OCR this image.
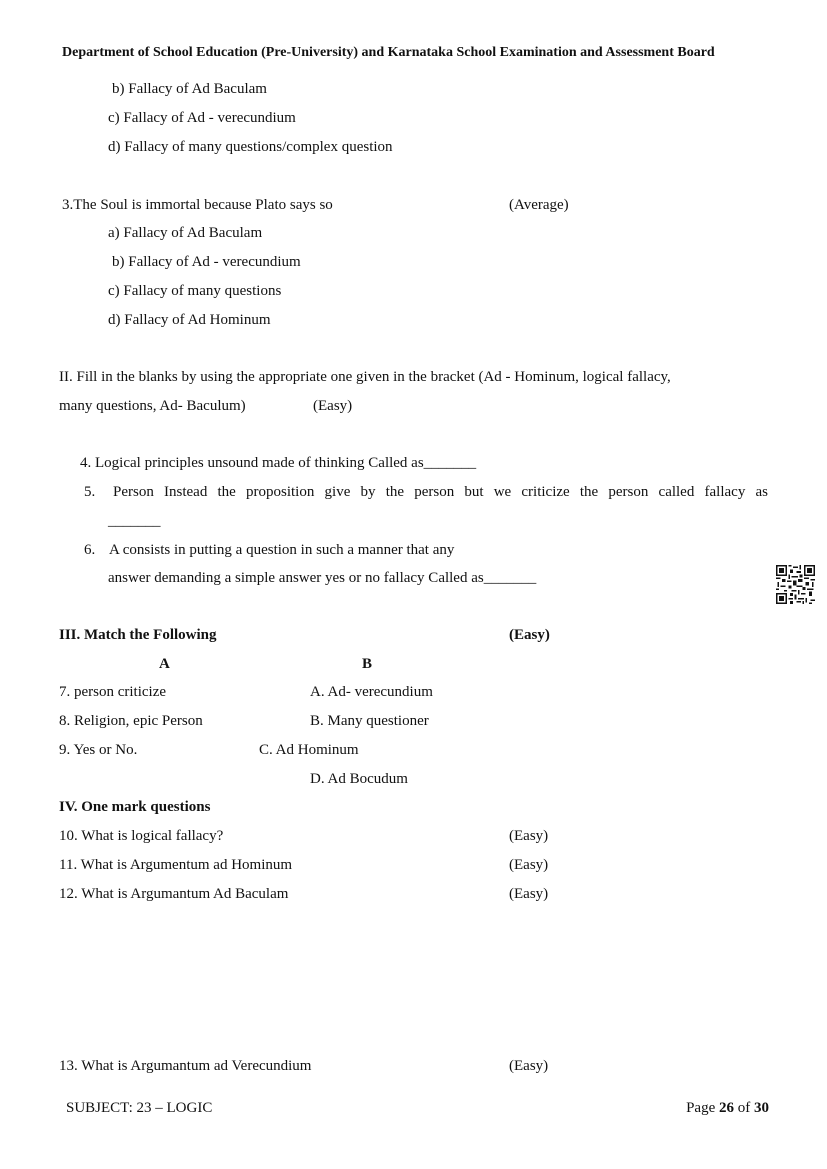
Department of School Education (Pre-University) and Karnataka School Examination and Assessment Board
b) Fallacy of Ad Baculam
c) Fallacy of Ad - verecundium
d) Fallacy of many questions/complex question
3.The Soul is immortal because Plato says so	(Average)
a) Fallacy of Ad Baculam
b) Fallacy of Ad - verecundium
c) Fallacy of many questions
d) Fallacy of Ad Hominum
II. Fill in the blanks by using the appropriate one given in the bracket (Ad - Hominum, logical fallacy,
many questions, Ad- Baculum)	(Easy)
4. Logical principles unsound made of thinking Called as_______
5. Person Instead the proposition give by the person but we criticize the person called fallacy as
_______
6. A consists in putting a question in such a manner that any
answer demanding a simple answer yes or no fallacy Called as_______
III. Match the Following	(Easy)
A	B
7. person criticize	A. Ad- verecundium
8. Religion, epic Person	B. Many questioner
9. Yes or No.	C. Ad Hominum
D. Ad Bocudum
IV. One mark questions
10. What is logical fallacy?	(Easy)
11. What is Argumentum ad Hominum	(Easy)
12. What is Argumantum Ad Baculam	(Easy)
13. What is Argumantum ad Verecundium	(Easy)
SUBJECT: 23 – LOGIC	Page 26 of 30
